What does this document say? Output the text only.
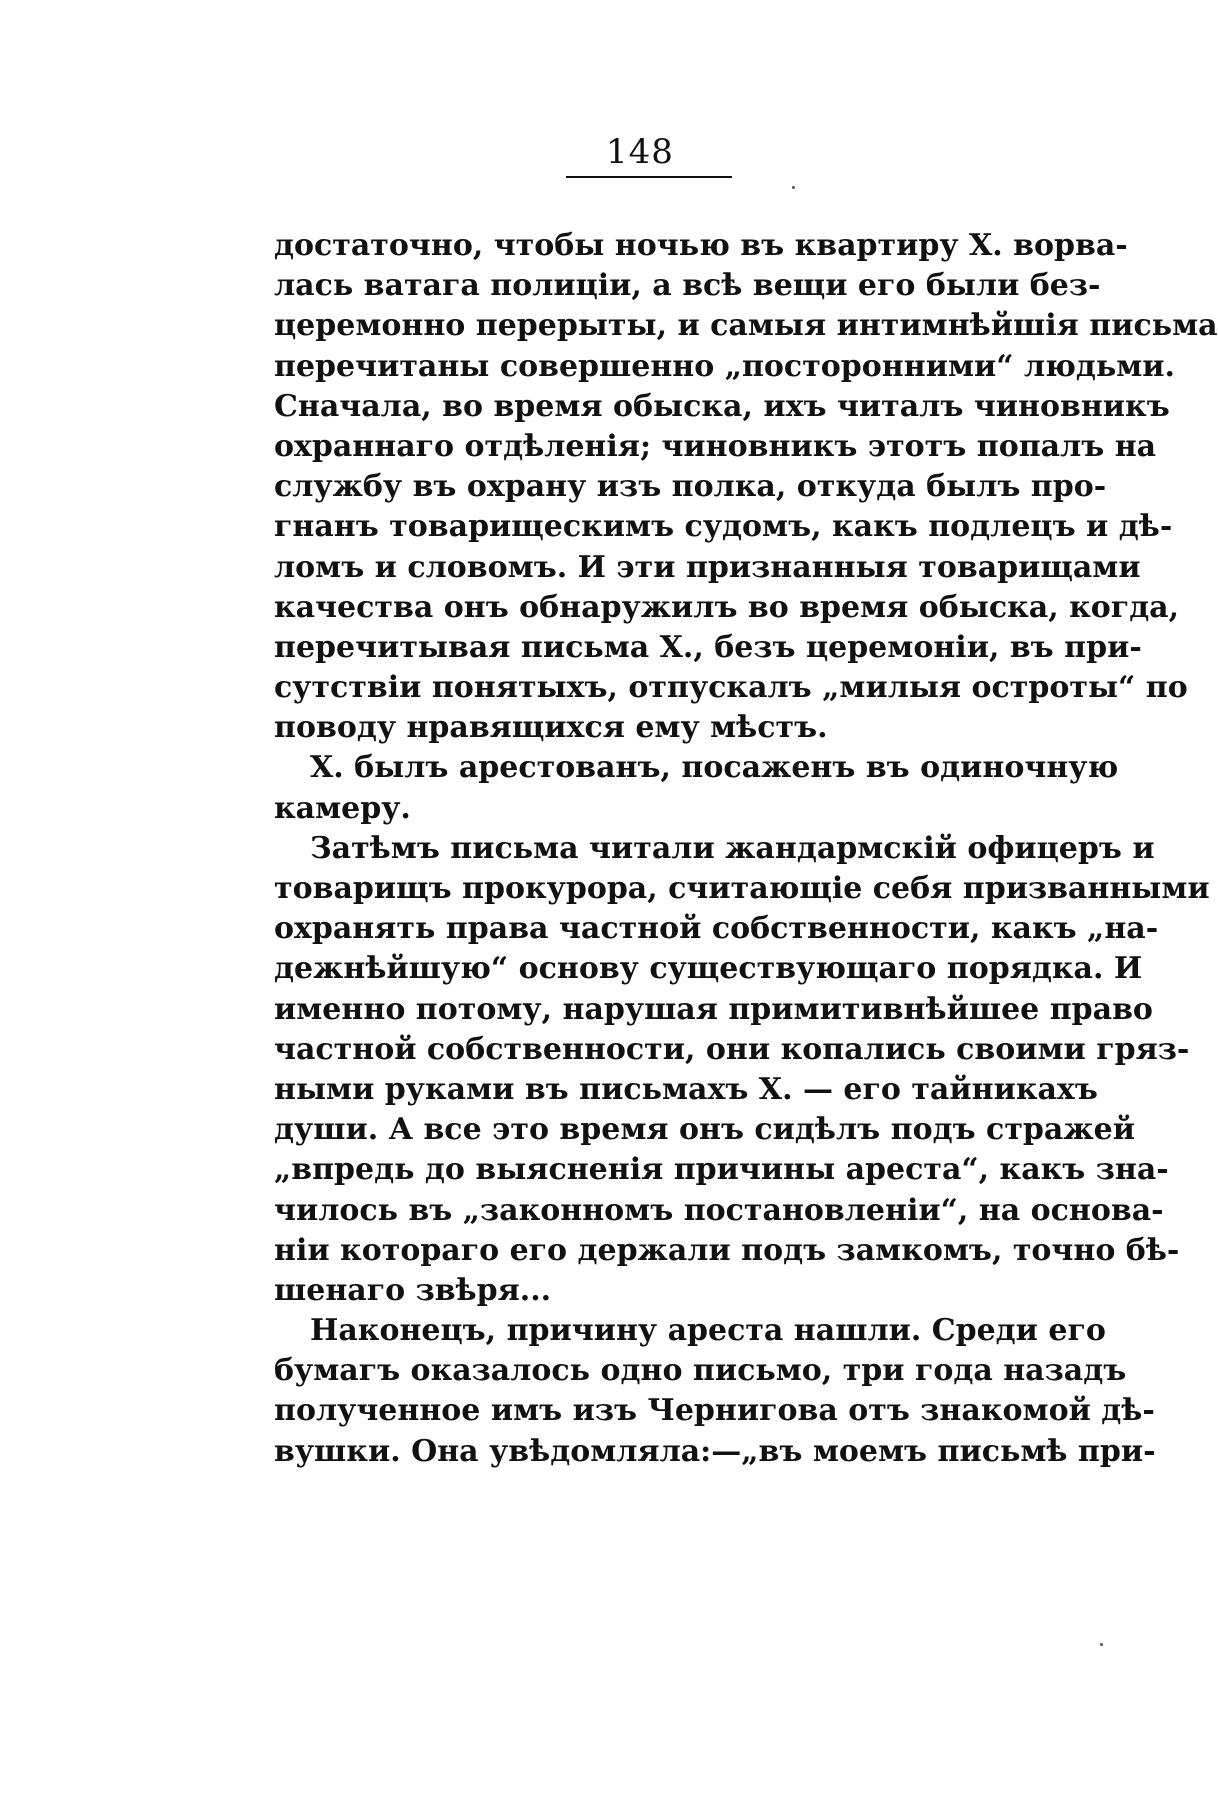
148
достаточно, чтобы ночью въ квартиру X. ворва-
лась ватага полиціи, а всѣ вещи его были без-
церемонно перерыты, и самыя интимнѣйшія письма
перечитаны совершенно „посторонними“ людьми.
Сначала, во время обыска, ихъ читалъ чиновникъ
охраннаго отдѣленія; чиновникъ этотъ попалъ на
службу въ охрану изъ полка, откуда былъ про-
гнанъ товарищескимъ судомъ, какъ подлецъ и дѣ-
ломъ и словомъ. И эти признанныя товарищами
качества онъ обнаружилъ во время обыска, когда,
перечитывая письма X., безъ церемоніи, въ при-
сутствіи понятыхъ, отпускалъ „милыя остроты“ по
поводу нравящихся ему мѣстъ.
X. былъ арестованъ, посаженъ въ одиночную
камеру.
Затѣмъ письма читали жандармскій офицеръ и
товарищъ прокурора, считающіе себя призванными
охранять права частной собственности, какъ „на-
дежнѣйшую“ основу существующаго порядка. И
именно потому, нарушая примитивнѣйшее право
частной собственности, они копались своими гряз-
ными руками въ письмахъ X. — его тайникахъ
души. А все это время онъ сидѣлъ подъ стражей
„впредь до выясненія причины ареста“, какъ зна-
чилось въ „законномъ постановленіи“, на основа-
ніи котораго его держали подъ замкомъ, точно бѣ-
шенаго звѣря...
Наконецъ, причину ареста нашли. Среди его
бумагъ оказалось одно письмо, три года назадъ
полученное имъ изъ Чернигова отъ знакомой дѣ-
вушки. Она увѣдомляла:—„въ моемъ письмѣ при-
